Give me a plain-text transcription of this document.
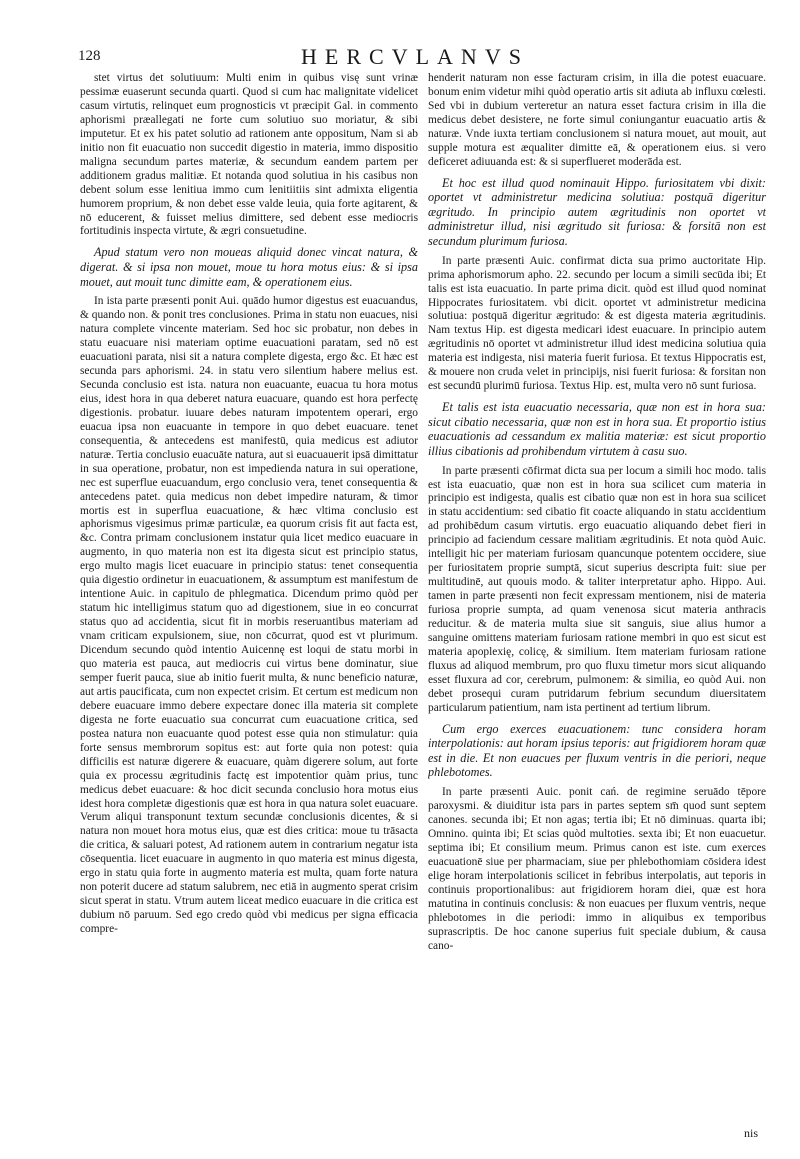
128	HERCVLANVS

stet virtus det solutiuum: Multi enim in quibus visę sunt vrinæ pessimæ euaserunt secunda quarti. Quod si cum hac malignitate videlicet casum virtutis, relinquet eum prognosticis vt præcipit Gal. in commento aphorismi præallegati ne forte cum solutiuo suo moriatur, & sibi imputetur. Et ex his patet solutio ad rationem ante oppositum, Nam si ab initio non fit euacuatio non succedit digestio in materia, immo dispositio maligna secundum partes materiæ, & secundum eandem partem per additionem gradus malitiæ. Et notanda quod solutiua in his casibus non debent solum esse lenitiua immo cum lenitiitiis sint admixta eligentia humorem proprium, & non debet esse valde leuia, quia forte agitarent, & nō educerent, & fuisset melius dimittere, sed debent esse mediocris fortitudinis inspecta virtute, & ægri consuetudine.

Apud statum vero non moueas aliquid donec vincat natura, & digerat. & si ipsa non mouet, moue tu hora motus eius: & si ipsa mouet, aut mouit tunc dimitte eam, & operationem eius.

In ista parte præsenti ponit Aui. quādo humor digestus est euacuandus, & quando non. & ponit tres conclusiones. Prima in statu non euacues, nisi natura complete vincente materiam. Sed hoc sic probatur, non debes in statu euacuare nisi materiam optime euacuationi paratam, sed nō est euacuationi parata, nisi sit a natura complete digesta, ergo &c. Et hæc est secunda pars aphorismi. 24. in statu vero silentium habere melius est. Secunda conclusio est ista. natura non euacuante, euacua tu hora motus eius, idest hora in qua deberet natura euacuare, quando est hora perfectę digestionis. probatur. iuuare debes naturam impotentem operari, ergo euacua ipsa non euacuante in tempore in quo debet euacuare. tenet consequentia, & antecedens est manifestū, quia medicus est adiutor naturæ. Tertia conclusio euacuāte natura, aut si euacuauerit ipsā dimittatur in sua operatione, probatur, non est impedienda natura in sui operatione, nec est superflue euacuandum, ergo conclusio vera, tenet consequentia & antecedens patet. quia medicus non debet impedire naturam, & timor mortis est in superflua euacuatione, & hæc vltima conclusio est aphorismus vigesimus primæ particulæ, ea quorum crisis fit aut facta est, &c. Contra primam conclusionem instatur quia licet medico euacuare in augmento, in quo materia non est ita digesta sicut est principio status, ergo multo magis licet euacuare in principio status: tenet consequentia quia digestio ordinetur in euacuationem, & assumptum est manifestum de intentione Auic. in capitulo de phlegmatica. Dicendum primo quòd per statum hic intelligimus statum quo ad digestionem, siue in eo concurrat status quo ad accidentia, sicut fit in morbis reseruantibus materiam ad vnam criticam expulsionem, siue, non cōcurrat, quod est vt plurimum. Dicendum secundo quòd intentio Auicennę est loqui de statu morbi in quo materia est pauca, aut mediocris cui virtus bene dominatur, siue semper fuerit pauca, siue ab initio fuerit multa, & nunc beneficio naturæ, aut artis paucificata, cum non expectet crisim. Et certum est medicum non debere euacuare immo debere expectare donec illa materia sit complete digesta ne forte euacuatio sua concurrat cum euacuatione critica, sed postea natura non euacuante quod potest esse quia non stimulatur: quia forte sensus membrorum sopitus est: aut forte quia non potest: quia difficilis est naturæ digerere & euacuare, quàm digerere solum, aut forte quia ex processu ægritudinis factę est impotentior quàm prius, tunc medicus debet euacuare: & hoc dicit secunda conclusio hora motus eius idest hora completæ digestionis quæ est hora in qua natura solet euacuare. Verum aliqui transponunt textum secundæ conclusionis dicentes, & si natura non mouet hora motus eius, quæ est dies critica: moue tu trāsacta die critica, & saluari potest, Ad rationem autem in contrarium negatur ista cōsequentia. licet euacuare in augmento in quo materia est minus digesta, ergo in statu quia forte in augmento materia est multa, quam forte natura non poterit ducere ad statum salubrem, nec etiā in augmento sperat crisim sicut sperat in statu. Vtrum autem liceat medico euacuare in die critica est dubium nō paruum. Sed ego credo quòd vbi medicus per signa efficacia compre-

henderit naturam non esse facturam crisim, in illa die potest euacuare. bonum enim videtur mihi quòd operatio artis sit adiuta ab influxu cœlesti. Sed vbi in dubium verteretur an natura esset factura crisim in illa die medicus debet desistere, ne forte simul coniungantur euacuatio artis & naturæ. Vnde iuxta tertiam conclusionem si natura mouet, aut mouit, aut supple motura est æqualiter dimitte eā, & operationem eius. si vero deficeret adiuuanda est: & si superflueret moderāda est.

Et hoc est illud quod nominauit Hippo. furiositatem vbi dixit: oportet vt administretur medicina solutiua: postquā digeritur ægritudo. In principio autem ægritudinis non oportet vt administretur illud, nisi ægritudo sit furiosa: & forsitā non est secundum plurimum furiosa.

In parte præsenti Auic. confirmat dicta sua primo auctoritate Hip. prima aphorismorum apho. 22. secundo per locum a simili secūda ibi; Et talis est ista euacuatio. In parte prima dicit. quòd est illud quod nominat Hippocrates furiositatem. vbi dicit. oportet vt administretur medicina solutiua: postquā digeritur ægritudo: & est digesta materia ægritudinis. Nam textus Hip. est digesta medicari idest euacuare. In principio autem ægritudinis nō oportet vt administretur illud idest medicina solutiua quia materia est indigesta, nisi materia fuerit furiosa. Et textus Hippocratis est, & mouere non cruda velet in principijs, nisi fuerit furiosa: & forsitan non est secundū plurimū furiosa. Textus Hip. est, multa vero nō sunt furiosa.

Et talis est ista euacuatio necessaria, quæ non est in hora sua: sicut cibatio necessaria, quæ non est in hora sua. Et proportio istius euacuationis ad cessandum ex malitia materiæ: est sicut proportio illius cibationis ad prohibendum virtutem à casu suo.

In parte præsenti cōfirmat dicta sua per locum a simili hoc modo. talis est ista euacuatio, quæ non est in hora sua scilicet cum materia in principio est indigesta, qualis est cibatio quæ non est in hora sua scilicet in statu accidentium: sed cibatio fit coacte aliquando in statu accidentium ad prohibēdum casum virtutis. ergo euacuatio aliquando debet fieri in principio ad faciendum cessare malitiam ægritudinis. Et nota quòd Auic. intelligit hic per materiam furiosam quancunque potentem occidere, siue per furiositatem proprie sumptā, sicut superius descripta fuit: siue per multitudinē, aut quouis modo. & taliter interpretatur apho. Hippo. Aui. tamen in parte præsenti non fecit expressam mentionem, nisi de materia furiosa proprie sumpta, ad quam venenosa sicut materia anthracis reducitur. & de materia multa siue sit sanguis, siue alius humor a sanguine omittens materiam furiosam ratione membri in quo est sicut est materia apoplexię, colicę, & similium. Item materiam furiosam ratione fluxus ad aliquod membrum, pro quo fluxu timetur mors sicut aliquando esset fluxura ad cor, cerebrum, pulmonem: & similia, eo quòd Aui. non debet prosequi curam putridarum febrium secundum diuersitatem particularum patientium, nam ista pertinent ad tertium librum.

Cum ergo exerces euacuationem: tunc considera horam interpolationis: aut horam ipsius teporis: aut frigidiorem horam quæ est in die. Et non euacues per fluxum ventris in die periori, neque phlebotomes.

In parte præsenti Auic. ponit cań. de regimine seruādo tēpore paroxysmi. & diuiditur ista pars in partes septem sm̄ quod sunt septem canones. secunda ibi; Et non agas; tertia ibi; Et nō diminuas. quarta ibi; Omnino. quinta ibi; Et scias quòd multoties. sexta ibi; Et non euacuetur. septima ibi; Et consilium meum. Primus canon est iste. cum exerces euacuationē siue per pharmaciam, siue per phlebothomiam cōsidera idest elige horam interpolationis scilicet in febribus interpolatis, aut teporis in continuis proportionalibus: aut frigidiorem horam diei, quæ est hora matutina in continuis conclusis: & non euacues per fluxum ventris, neque phlebotomes in die periodi: immo in aliquibus ex temporibus suprascriptis. De hoc canone superius fuit speciale dubium, & causa cano-

nis
